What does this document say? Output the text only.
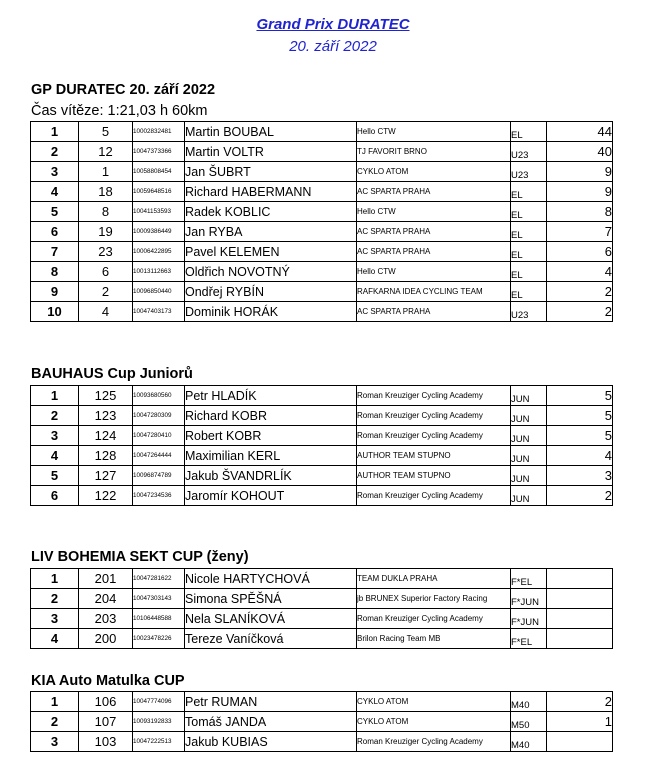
Grand Prix DURATEC
20. září 2022
GP DURATEC 20. září 2022
Čas vítěze: 1:21,03 h 60km
1	5	10002832481	Martin BOUBAL	Hello CTW	EL	44
2	12	10047373366	Martin VOLTR	TJ FAVORIT BRNO	U23	40
3	1	10058808454	Jan ŠUBRT	CYKLO ATOM	U23	9
4	18	10059648516	Richard HABERMANN	AC SPARTA PRAHA	EL	9
5	8	10041153593	Radek KOBLIC	Hello CTW	EL	8
6	19	10009386449	Jan RYBA	AC SPARTA PRAHA	EL	7
7	23	10006422895	Pavel KELEMEN	AC SPARTA PRAHA	EL	6
8	6	10013112663	Oldřich NOVOTNÝ	Hello CTW	EL	4
9	2	10096850440	Ondřej RYBÍN	RAFKARNA IDEA CYCLING TEAM	EL	2
10	4	10047403173	Dominik HORÁK	AC SPARTA PRAHA	U23	2
BAUHAUS Cup Juniorů
1	125	10093680560	Petr HLADÍK	Roman Kreuziger Cycling Academy	JUN	5
2	123	10047280309	Richard KOBR	Roman Kreuziger Cycling Academy	JUN	5
3	124	10047280410	Robert KOBR	Roman Kreuziger Cycling Academy	JUN	5
4	128	10047264444	Maximilian KERL	AUTHOR TEAM STUPNO	JUN	4
5	127	10096874789	Jakub ŠVANDRLÍK	AUTHOR TEAM STUPNO	JUN	3
6	122	10047234536	Jaromír KOHOUT	Roman Kreuziger Cycling Academy	JUN	2
LIV BOHEMIA SEKT CUP (ženy)
1	201	10047281622	Nicole HARTYCHOVÁ	TEAM DUKLA PRAHA	F*EL	
2	204	10047303143	Simona SPĚŠNÁ	jb BRUNEX Superior Factory Racing	F*JUN	
3	203	10106448588	Nela SLANÍKOVÁ	Roman Kreuziger Cycling Academy	F*JUN	
4	200	10023478226	Tereze Vaníčková	Brilon Racing Team MB	F*EL	
KIA Auto Matulka CUP
1	106	10047774096	Petr RUMAN	CYKLO ATOM	M40	2
2	107	10093192833	Tomáš JANDA	CYKLO ATOM	M50	1
3	103	10047222513	Jakub KUBIAS	Roman Kreuziger Cycling Academy	M40	
